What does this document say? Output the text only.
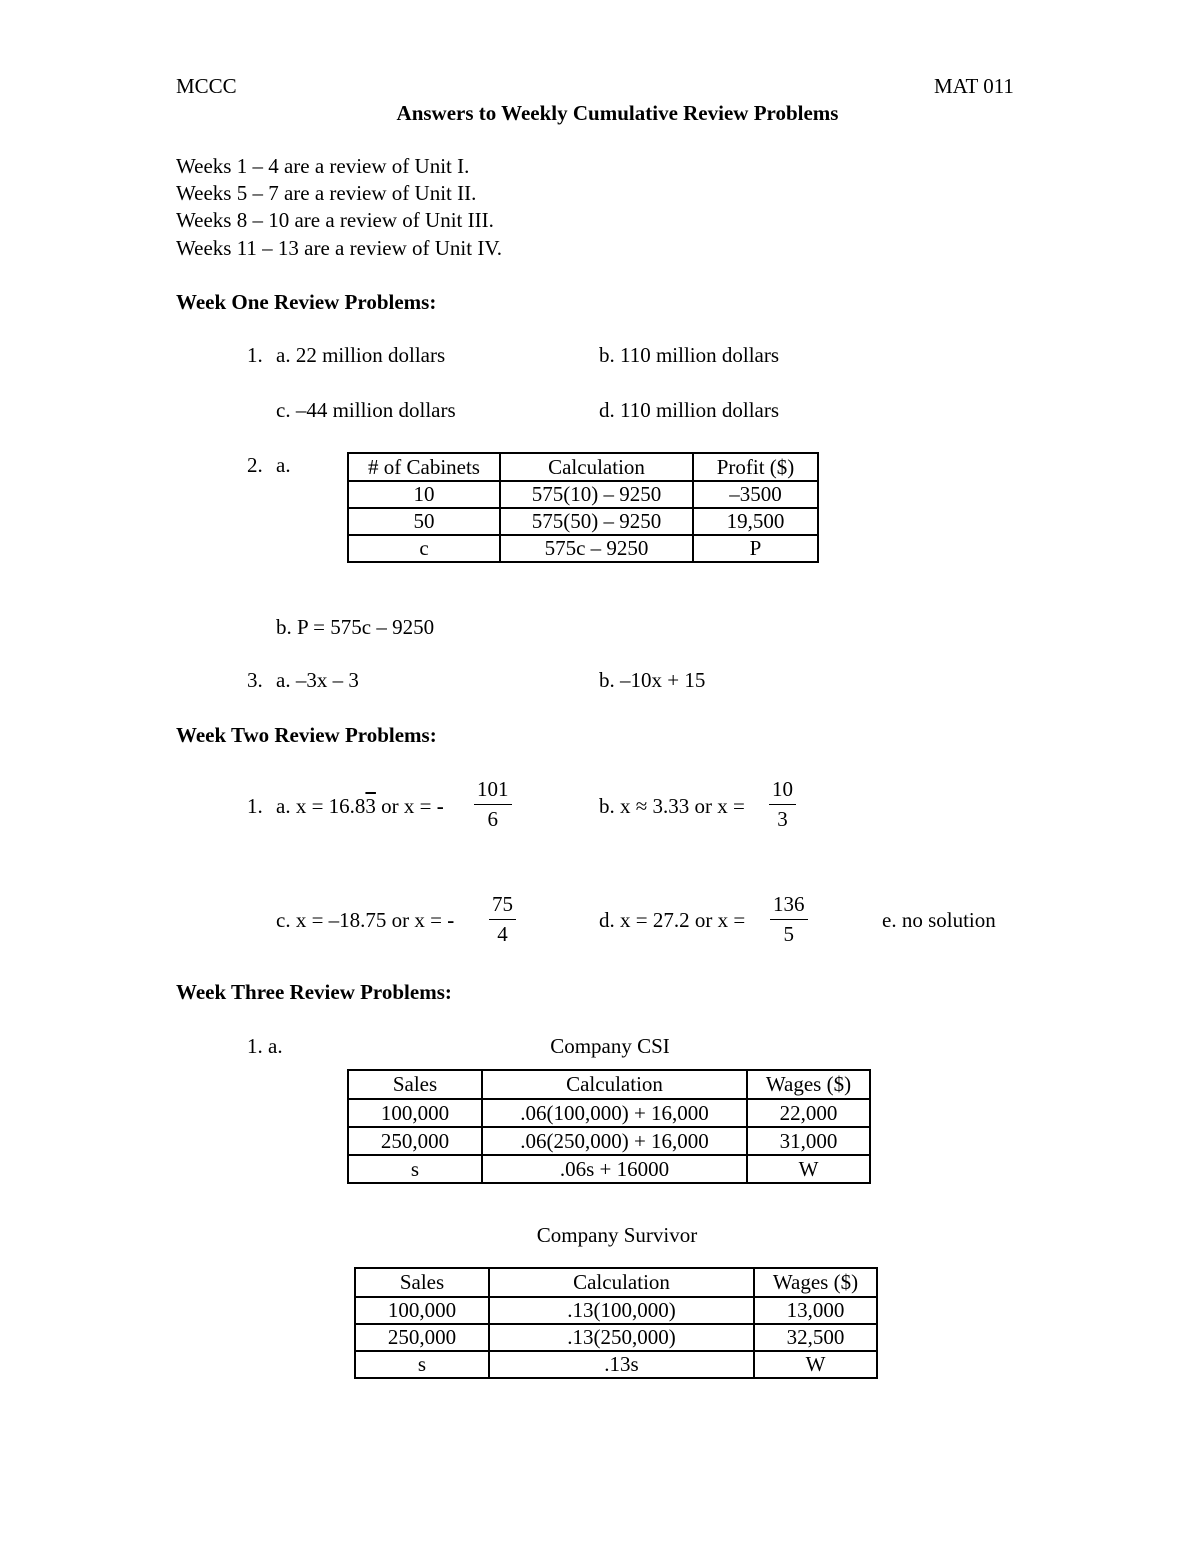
MCCC	MAT 011
Answers to Weekly Cumulative Review Problems
Weeks 1 – 4 are a review of Unit I.
Weeks 5 – 7 are a review of Unit II.
Weeks 8 – 10 are a review of Unit III.
Weeks 11 – 13 are a review of Unit IV.
Week One Review Problems:
1. a. 22 million dollars	b. 110 million dollars
c. –44 million dollars	d. 110 million dollars
2. a.	# of Cabinets	Calculation	Profit ($)
10	575(10) – 9250	–3500
50	575(50) – 9250	19,500
c	575c – 9250	P
b. P = 575c – 9250
3. a. –3x – 3	b. –10x + 15
Week Two Review Problems:
1. a. x = 16.83 or x = - $\frac{101}{6}$	b. x ≈ 3.33 or $x = \frac{10}{3}$
c. x = –18.75 or x = - $\frac{75}{4}$	d. x = 27.2 or $x = \frac{136}{5}$	e. no solution
Week Three Review Problems:
1. a.	Company CSI
Sales	Calculation	Wages ($)
100,000	.06(100,000) + 16,000	22,000
250,000	.06(250,000) + 16,000	31,000
s	.06s + 16000	W
Company Survivor
Sales	Calculation	Wages ($)
100,000	.13(100,000)	13,000
250,000	.13(250,000)	32,500
s	.13s	W
